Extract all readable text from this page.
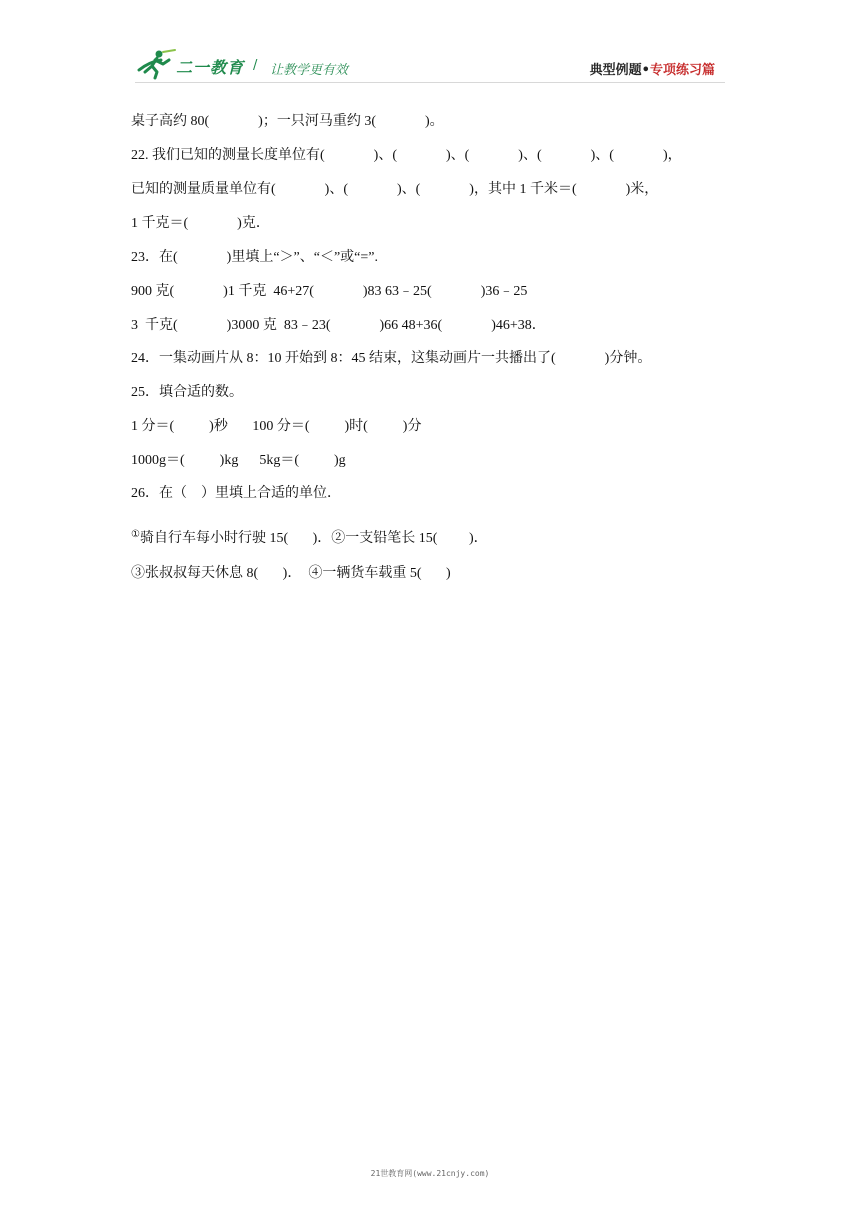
二一教育 / 让教学更有效	典型例题•专项练习篇
桌子高约 80(              )；一只河马重约 3(              )。
22. 我们已知的测量长度单位有(              )、(              )、(              )、(              )、(              )，
已知的测量质量单位有(              )、(              )、(              )，其中 1 千米＝(              )米，
1 千克＝(              )克．
23．在(              )里填上“＞”、“＜”或“=”.
900 克(              )1 千克  46+27(              )83 63﹣25(              )36﹣25
3  千克(              )3000 克  83﹣23(              )66 48+36(              )46+38．
24．一集动画片从 8：10 开始到 8：45 结束，这集动画片一共播出了(              )分钟。
25．填合适的数。
1 分＝(          )秒       100 分＝(          )时(          )分
1000g＝(          )kg      5kg＝(          )g
26．在（    ）里填上合适的单位．
①骑自行车每小时行驶 15(       )．②一支铅笔长 15(         )．
③张叔叔每天休息 8(       )．  ④一辆货车载重 5(       )
21世教育网(www.21cnjy.com)
